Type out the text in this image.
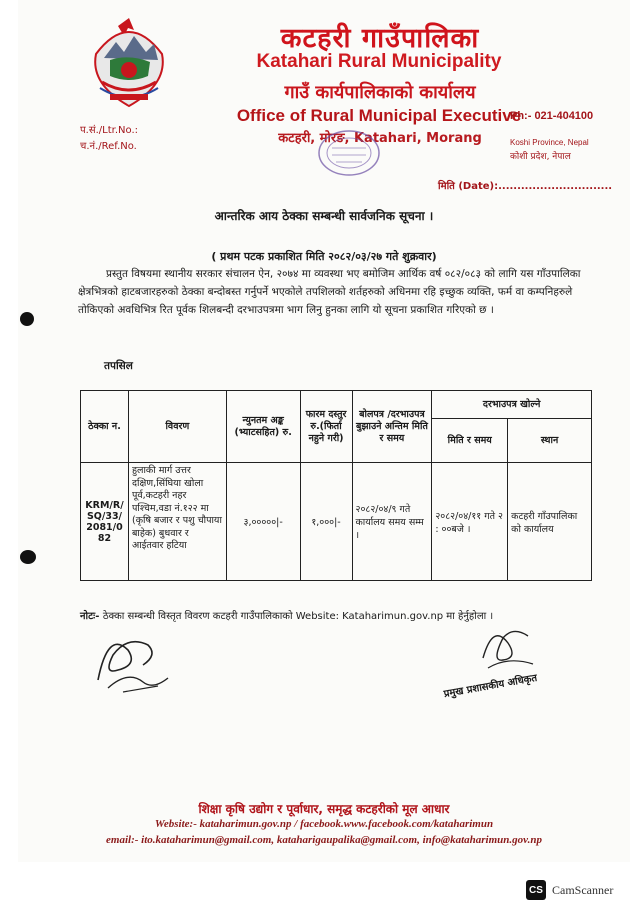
कटहरी गाउँपालिका
Katahari Rural Municipality
गाउँ कार्यपालिकाको कार्यालय
Office of Rural Municipal Executive
कटहरी, मोरङ, Katahari, Morang
Ph:- 021-404100
Koshi Province, Nepal
कोशी प्रदेश, नेपाल
प.सं./Ltr.No.:
च.नं./Ref.No.
मिति (Date):..............................
आन्तरिक आय ठेक्का सम्बन्धी सार्वजनिक सूचना ।
( प्रथम पटक प्रकाशित मिति २०८२/०३/२७ गते शुक्रवार)
प्रस्तुत विषयमा स्थानीय सरकार संचालन ऐन, २०७४ मा व्यवस्था भए बमोजिम आर्थिक वर्ष ०८२/०८३ को लागि यस गाँउपालिका क्षेत्रभित्रको हाटबजारहरुको ठेक्का बन्दोबस्त गर्नुपर्ने भएकोले तपशिलको शर्तहरुको अधिनमा रहि इच्छुक व्यक्ति, फर्म वा कम्पनिहरुले तोकिएको अवधिभित्र रित पूर्वक शिलबन्दी दरभाउपत्रमा भाग लिनु हुनका लागि यो सूचना प्रकाशित गरिएको छ ।
तपसिल
ठेक्का न.	विवरण	न्युनतम अङ्क (भ्याटसहित) रु.	फारम दस्तुर रु.(फिर्ता नहुने गरी)	बोलपत्र /दरभाउपत्र बुझाउने अन्तिम मिति र समय	दरभाउपत्र खोल्ने	
					मिति र समय	स्थान
KRM/R/ SQ/33/ 2081/0 82	हुलाकी मार्ग उत्तर दक्षिण,सिंघिया खोला पूर्व,कटहरी नहर पश्चिम,वडा नं.१२२ मा (कृषि बजार र पशु चौपाया बाहेक) बुधवार र आईतवार हटिया	३,०००००|-	१,०००|-	२०८२/०४/९ गते कार्यालय समय सम्म ।	२०८२/०४/११ गते २ : ००बजे ।	कटहरी गाँउपालिका को कार्यालय
नोटः- ठेक्का सम्बन्धी विस्तृत विवरण कटहरी गाउँपालिकाको Website: Kataharimun.gov.np मा हेर्नुहोला ।
प्रमुख प्रशासकीय अधिकृत
शिक्षा कृषि उद्योग र पूर्वाधार, समृद्ध कटहरीको मूल आधार
Website:- kataharimun.gov.np / facebook.www.facebook.com/kataharimun
email:- ito.kataharimun@gmail.com, kataharigaupalika@gmail.com, info@kataharimun.gov.np
CS CamScanner
